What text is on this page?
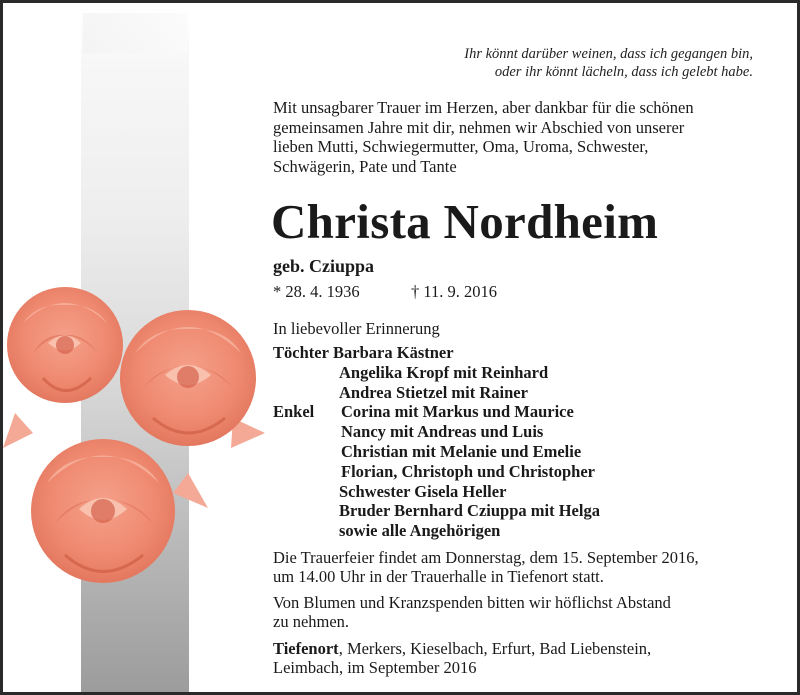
Ihr könnt darüber weinen, dass ich gegangen bin,
oder ihr könnt lächeln, dass ich gelebt habe.
Mit unsagbarer Trauer im Herzen, aber dankbar für die schönen
gemeinsamen Jahre mit dir, nehmen wir Abschied von unserer
lieben Mutti, Schwiegermutter, Oma, Uroma, Schwester,
Schwägerin, Pate und Tante
Christa Nordheim
geb. Cziuppa
* 28. 4. 1936	† 11. 9. 2016
In liebevoller Erinnerung
Töchter
Barbara Kästner
Angelika Kropf mit Reinhard
Andrea Stietzel mit Rainer
Enkel	Corina mit Markus und Maurice
Nancy mit Andreas und Luis
Christian mit Melanie und Emelie
Florian, Christoph und Christopher
Schwester Gisela Heller
Bruder Bernhard Cziuppa mit Helga
sowie alle Angehörigen
Die Trauerfeier findet am Donnerstag, dem 15. September 2016,
um 14.00 Uhr in der Trauerhalle in Tiefenort statt.
Von Blumen und Kranzspenden bitten wir höflichst Abstand
zu nehmen.
Tiefenort, Merkers, Kieselbach, Erfurt, Bad Liebenstein,
Leimbach, im September 2016
